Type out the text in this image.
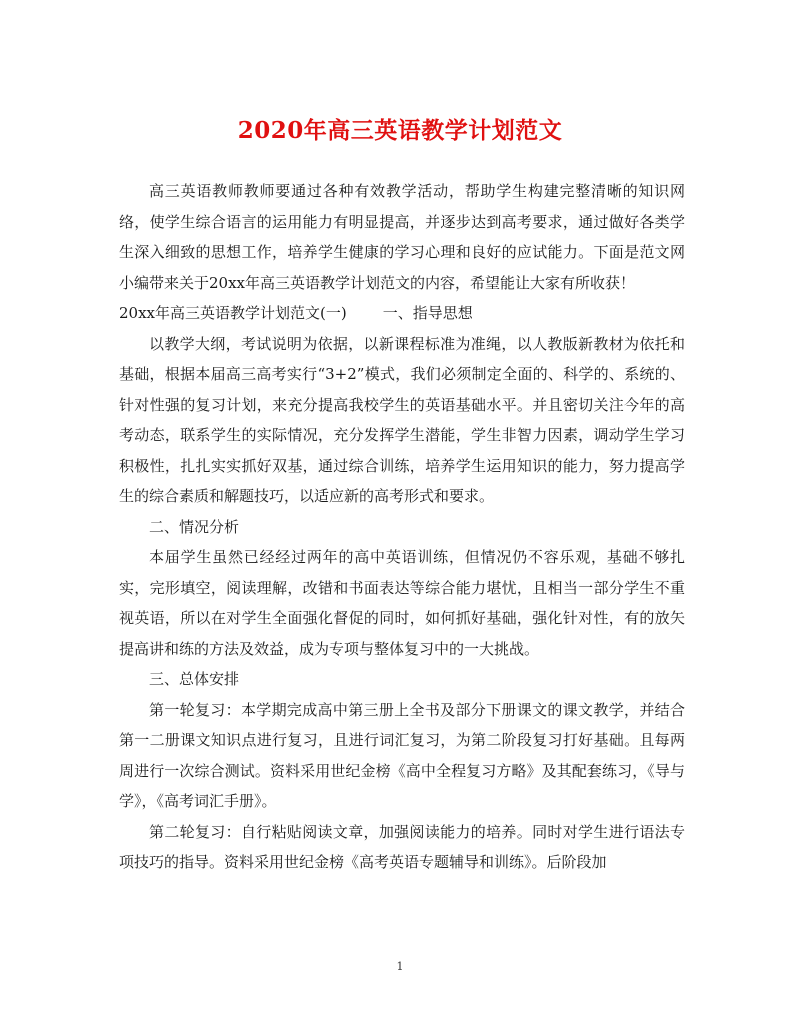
2020年高三英语教学计划范文

高三英语教师教师要通过各种有效教学活动，帮助学生构建完整清晰的知识网络，使学生综合语言的运用能力有明显提高，并逐步达到高考要求，通过做好各类学生深入细致的思想工作，培养学生健康的学习心理和良好的应试能力。下面是范文网小编带来关于20xx年高三英语教学计划范文的内容，希望能让大家有所收获！

20xx年高三英语教学计划范文(一) 一、指导思想

以教学大纲，考试说明为依据，以新课程标准为准绳，以人教版新教材为依托和基础，根据本届高三高考实行“3+2”模式，我们必须制定全面的、科学的、系统的、针对性强的复习计划，来充分提高我校学生的英语基础水平。并且密切关注今年的高考动态，联系学生的实际情况，充分发挥学生潜能，学生非智力因素，调动学生学习积极性，扎扎实实抓好双基，通过综合训练，培养学生运用知识的能力，努力提高学生的综合素质和解题技巧，以适应新的高考形式和要求。

二、情况分析

本届学生虽然已经经过两年的高中英语训练，但情况仍不容乐观，基础不够扎实，完形填空，阅读理解，改错和书面表达等综合能力堪忧，且相当一部分学生不重视英语，所以在对学生全面强化督促的同时，如何抓好基础，强化针对性，有的放矢提高讲和练的方法及效益，成为专项与整体复习中的一大挑战。

三、总体安排

第一轮复习：本学期完成高中第三册上全书及部分下册课文的课文教学，并结合第一二册课文知识点进行复习，且进行词汇复习，为第二阶段复习打好基础。且每两周进行一次综合测试。资料采用世纪金榜《高中全程复习方略》及其配套练习，《导与学》，《高考词汇手册》。

第二轮复习：自行粘贴阅读文章，加强阅读能力的培养。同时对学生进行语法专项技巧的指导。资料采用世纪金榜《高考英语专题辅导和训练》。后阶段加

1
